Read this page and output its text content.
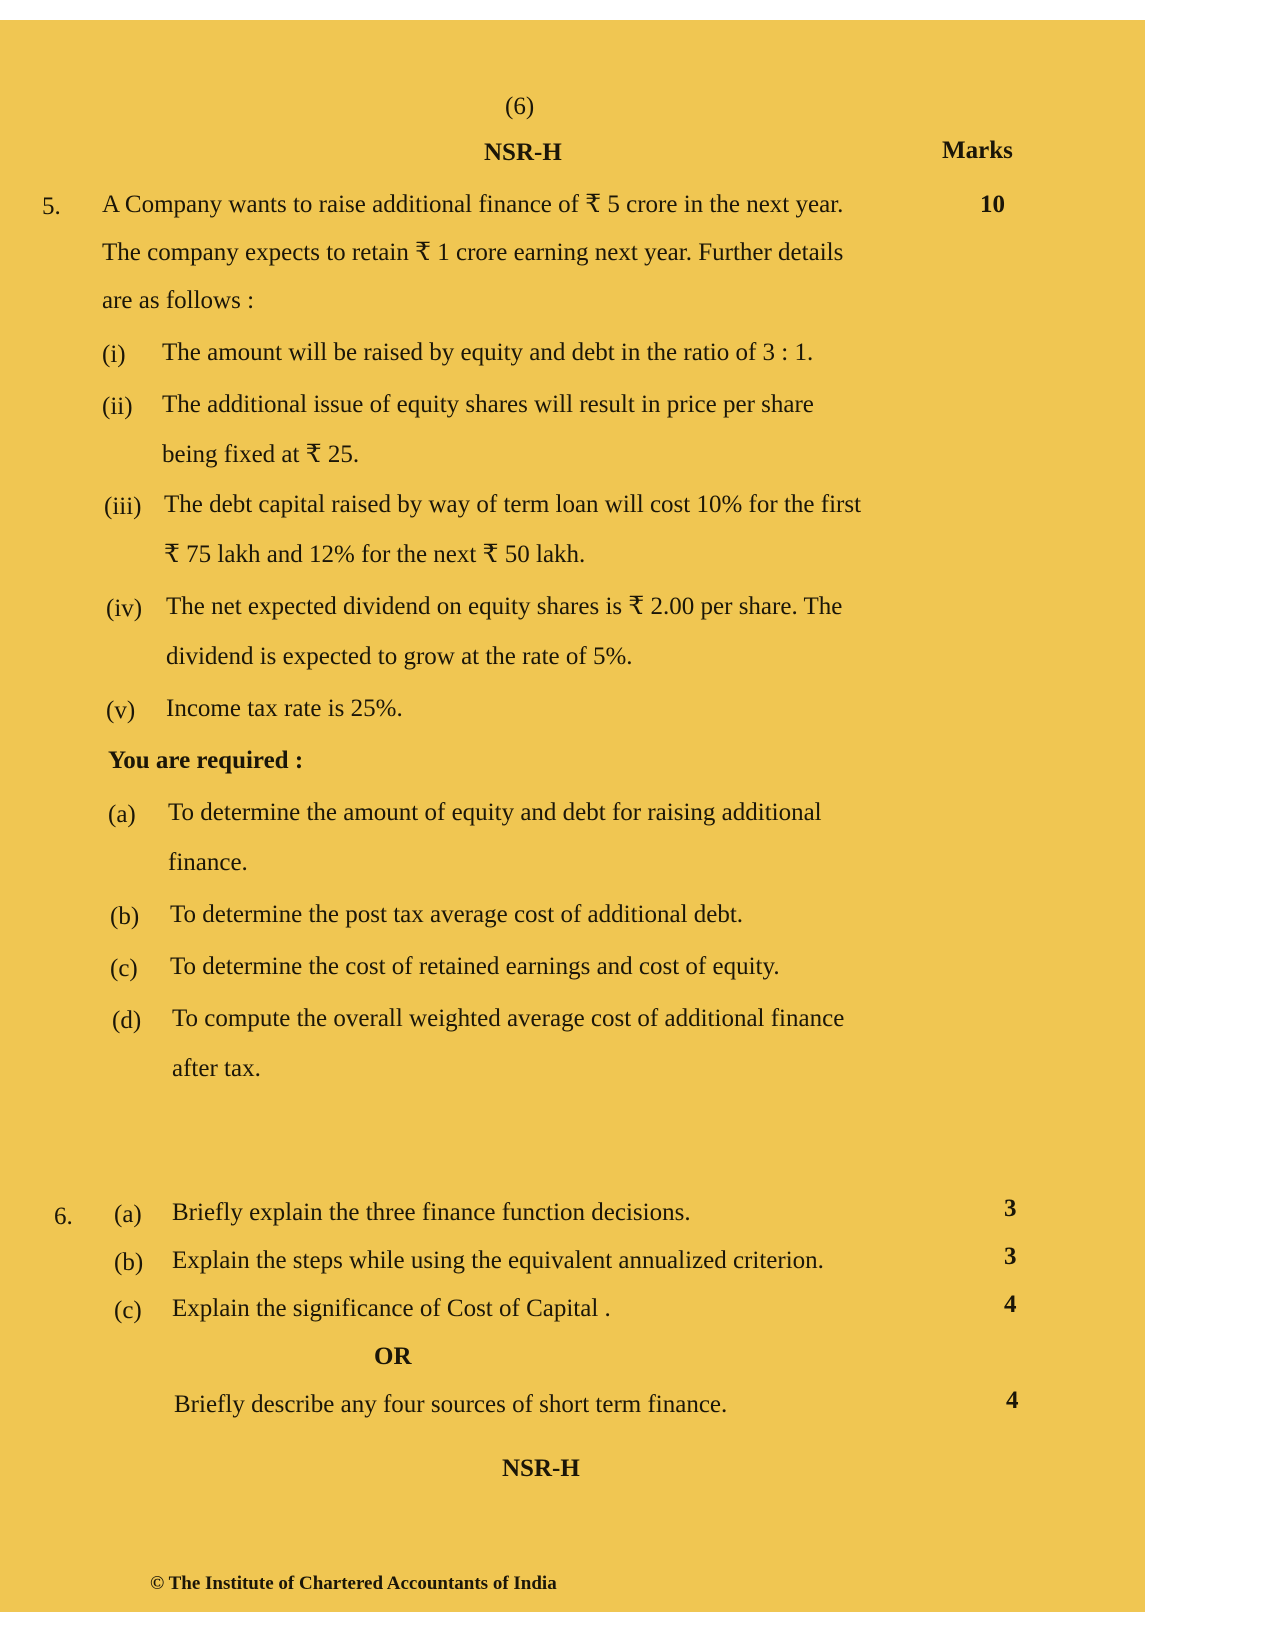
(6)
NSR-H	Marks
5.	10
A Company wants to raise additional finance of ₹ 5 crore in the next year.
The company expects to retain ₹ 1 crore earning next year. Further details
are as follows :
(i) The amount will be raised by equity and debt in the ratio of 3 : 1.
(ii) The additional issue of equity shares will result in price per share
being fixed at ₹ 25.
(iii) The debt capital raised by way of term loan will cost 10% for the first
₹ 75 lakh and 12% for the next ₹ 50 lakh.
(iv) The net expected dividend on equity shares is ₹ 2.00 per share. The
dividend is expected to grow at the rate of 5%.
(v) Income tax rate is 25%.
You are required :
(a) To determine the amount of equity and debt for raising additional
finance.
(b) To determine the post tax average cost of additional debt.
(c) To determine the cost of retained earnings and cost of equity.
(d) To compute the overall weighted average cost of additional finance
after tax.
6. (a) Briefly explain the three finance function decisions.	3
(b) Explain the steps while using the equivalent annualized criterion.	3
(c) Explain the significance of Cost of Capital .	4
OR
Briefly describe any four sources of short term finance.	4
NSR-H
© The Institute of Chartered Accountants of India
